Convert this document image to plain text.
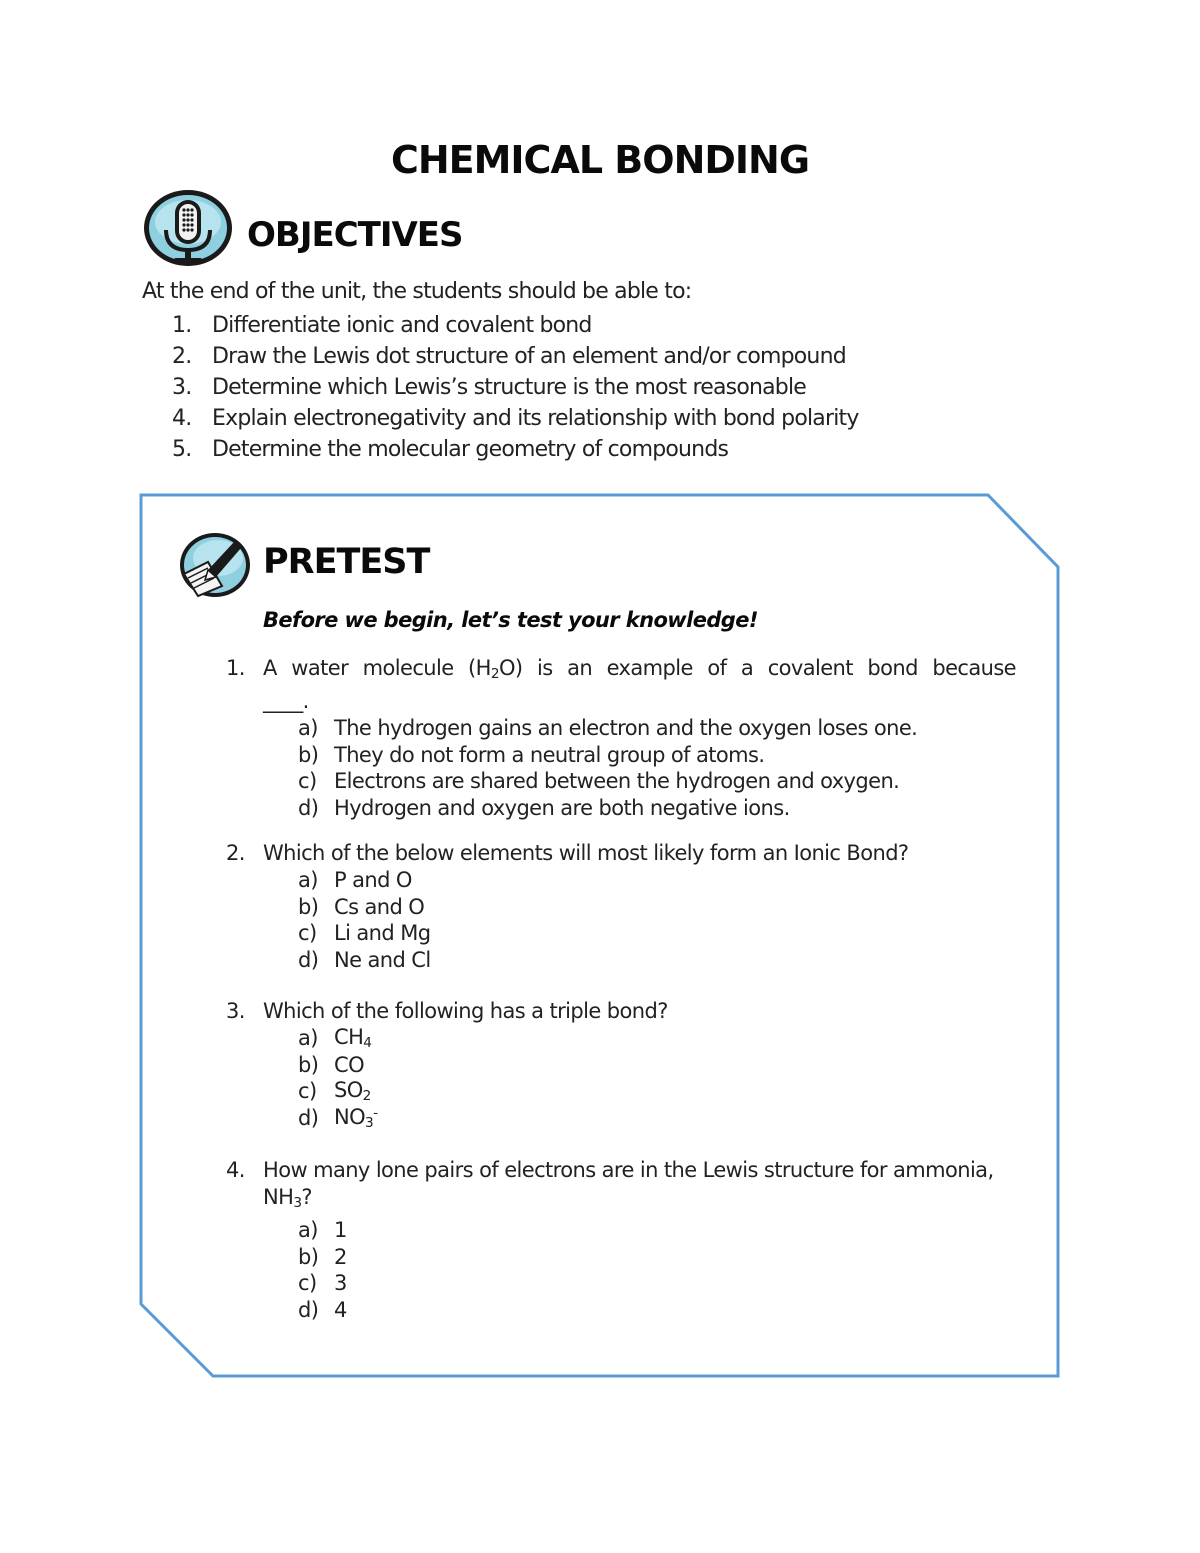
CHEMICAL BONDING
OBJECTIVES
At the end of the unit, the students should be able to:
1. Differentiate ionic and covalent bond
2. Draw the Lewis dot structure of an element and/or compound
3. Determine which Lewis’s structure is the most reasonable
4. Explain electronegativity and its relationship with bond polarity
5. Determine the molecular geometry of compounds
PRETEST
Before we begin, let’s test your knowledge!
1. A water molecule $(H_2O)$ is an example of a covalent bond because ____.
a) The hydrogen gains an electron and the oxygen loses one.
b) They do not form a neutral group of atoms.
c) Electrons are shared between the hydrogen and oxygen.
d) Hydrogen and oxygen are both negative ions.
2. Which of the below elements will most likely form an Ionic Bond?
a) P and O
b) Cs and O
c) Li and Mg
d) Ne and Cl
3. Which of the following has a triple bond?
a) $CH_4$
b) CO
c) $SO_2$
d) $NO_3^-$
4. How many lone pairs of electrons are in the Lewis structure for ammonia, $NH_3$?
a) 1
b) 2
c) 3
d) 4
